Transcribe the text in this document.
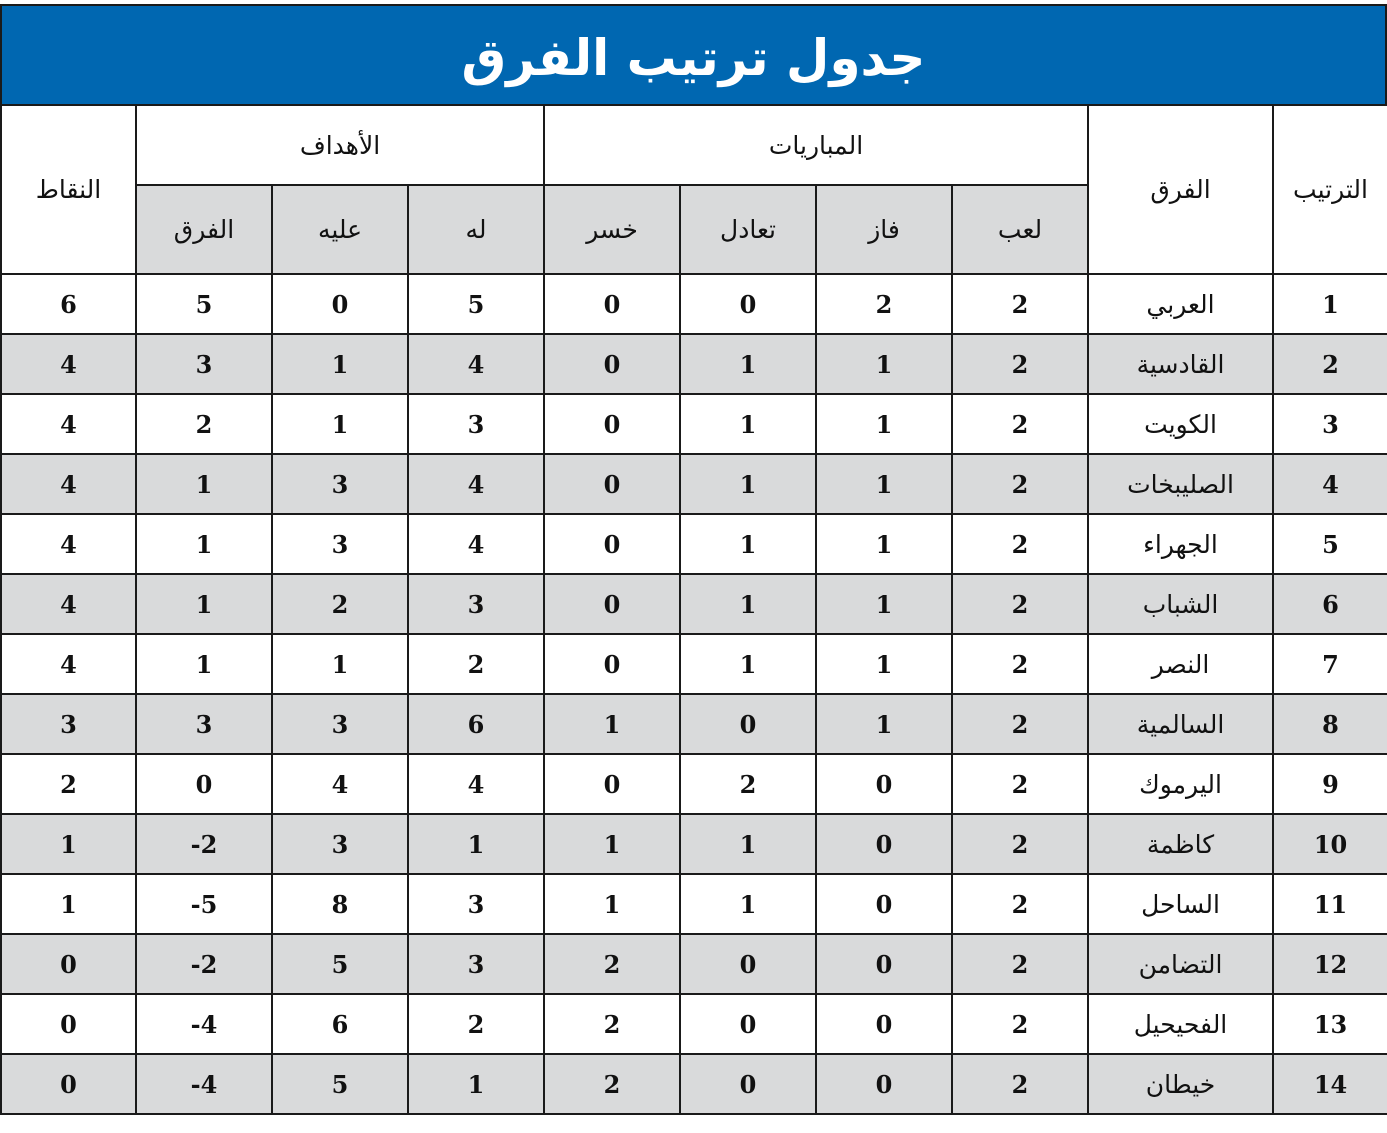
جدول ترتيب الفرق
الترتيب	الفرق	المباريات				الأهداف			النقاط
		لعب	فاز	تعادل	خسر	له	عليه	الفرق	
1	العربي	2	2	0	0	5	0	5	6
2	القادسية	2	1	1	0	4	1	3	4
3	الكويت	2	1	1	0	3	1	2	4
4	الصليبخات	2	1	1	0	4	3	1	4
5	الجهراء	2	1	1	0	4	3	1	4
6	الشباب	2	1	1	0	3	2	1	4
7	النصر	2	1	1	0	2	1	1	4
8	السالمية	2	1	0	1	6	3	3	3
9	اليرموك	2	0	2	0	4	4	0	2
10	كاظمة	2	0	1	1	1	3	2-	1
11	الساحل	2	0	1	1	3	8	5-	1
12	التضامن	2	0	0	2	3	5	2-	0
13	الفحيحيل	2	0	0	2	2	6	4-	0
14	خيطان	2	0	0	2	1	5	4-	0
